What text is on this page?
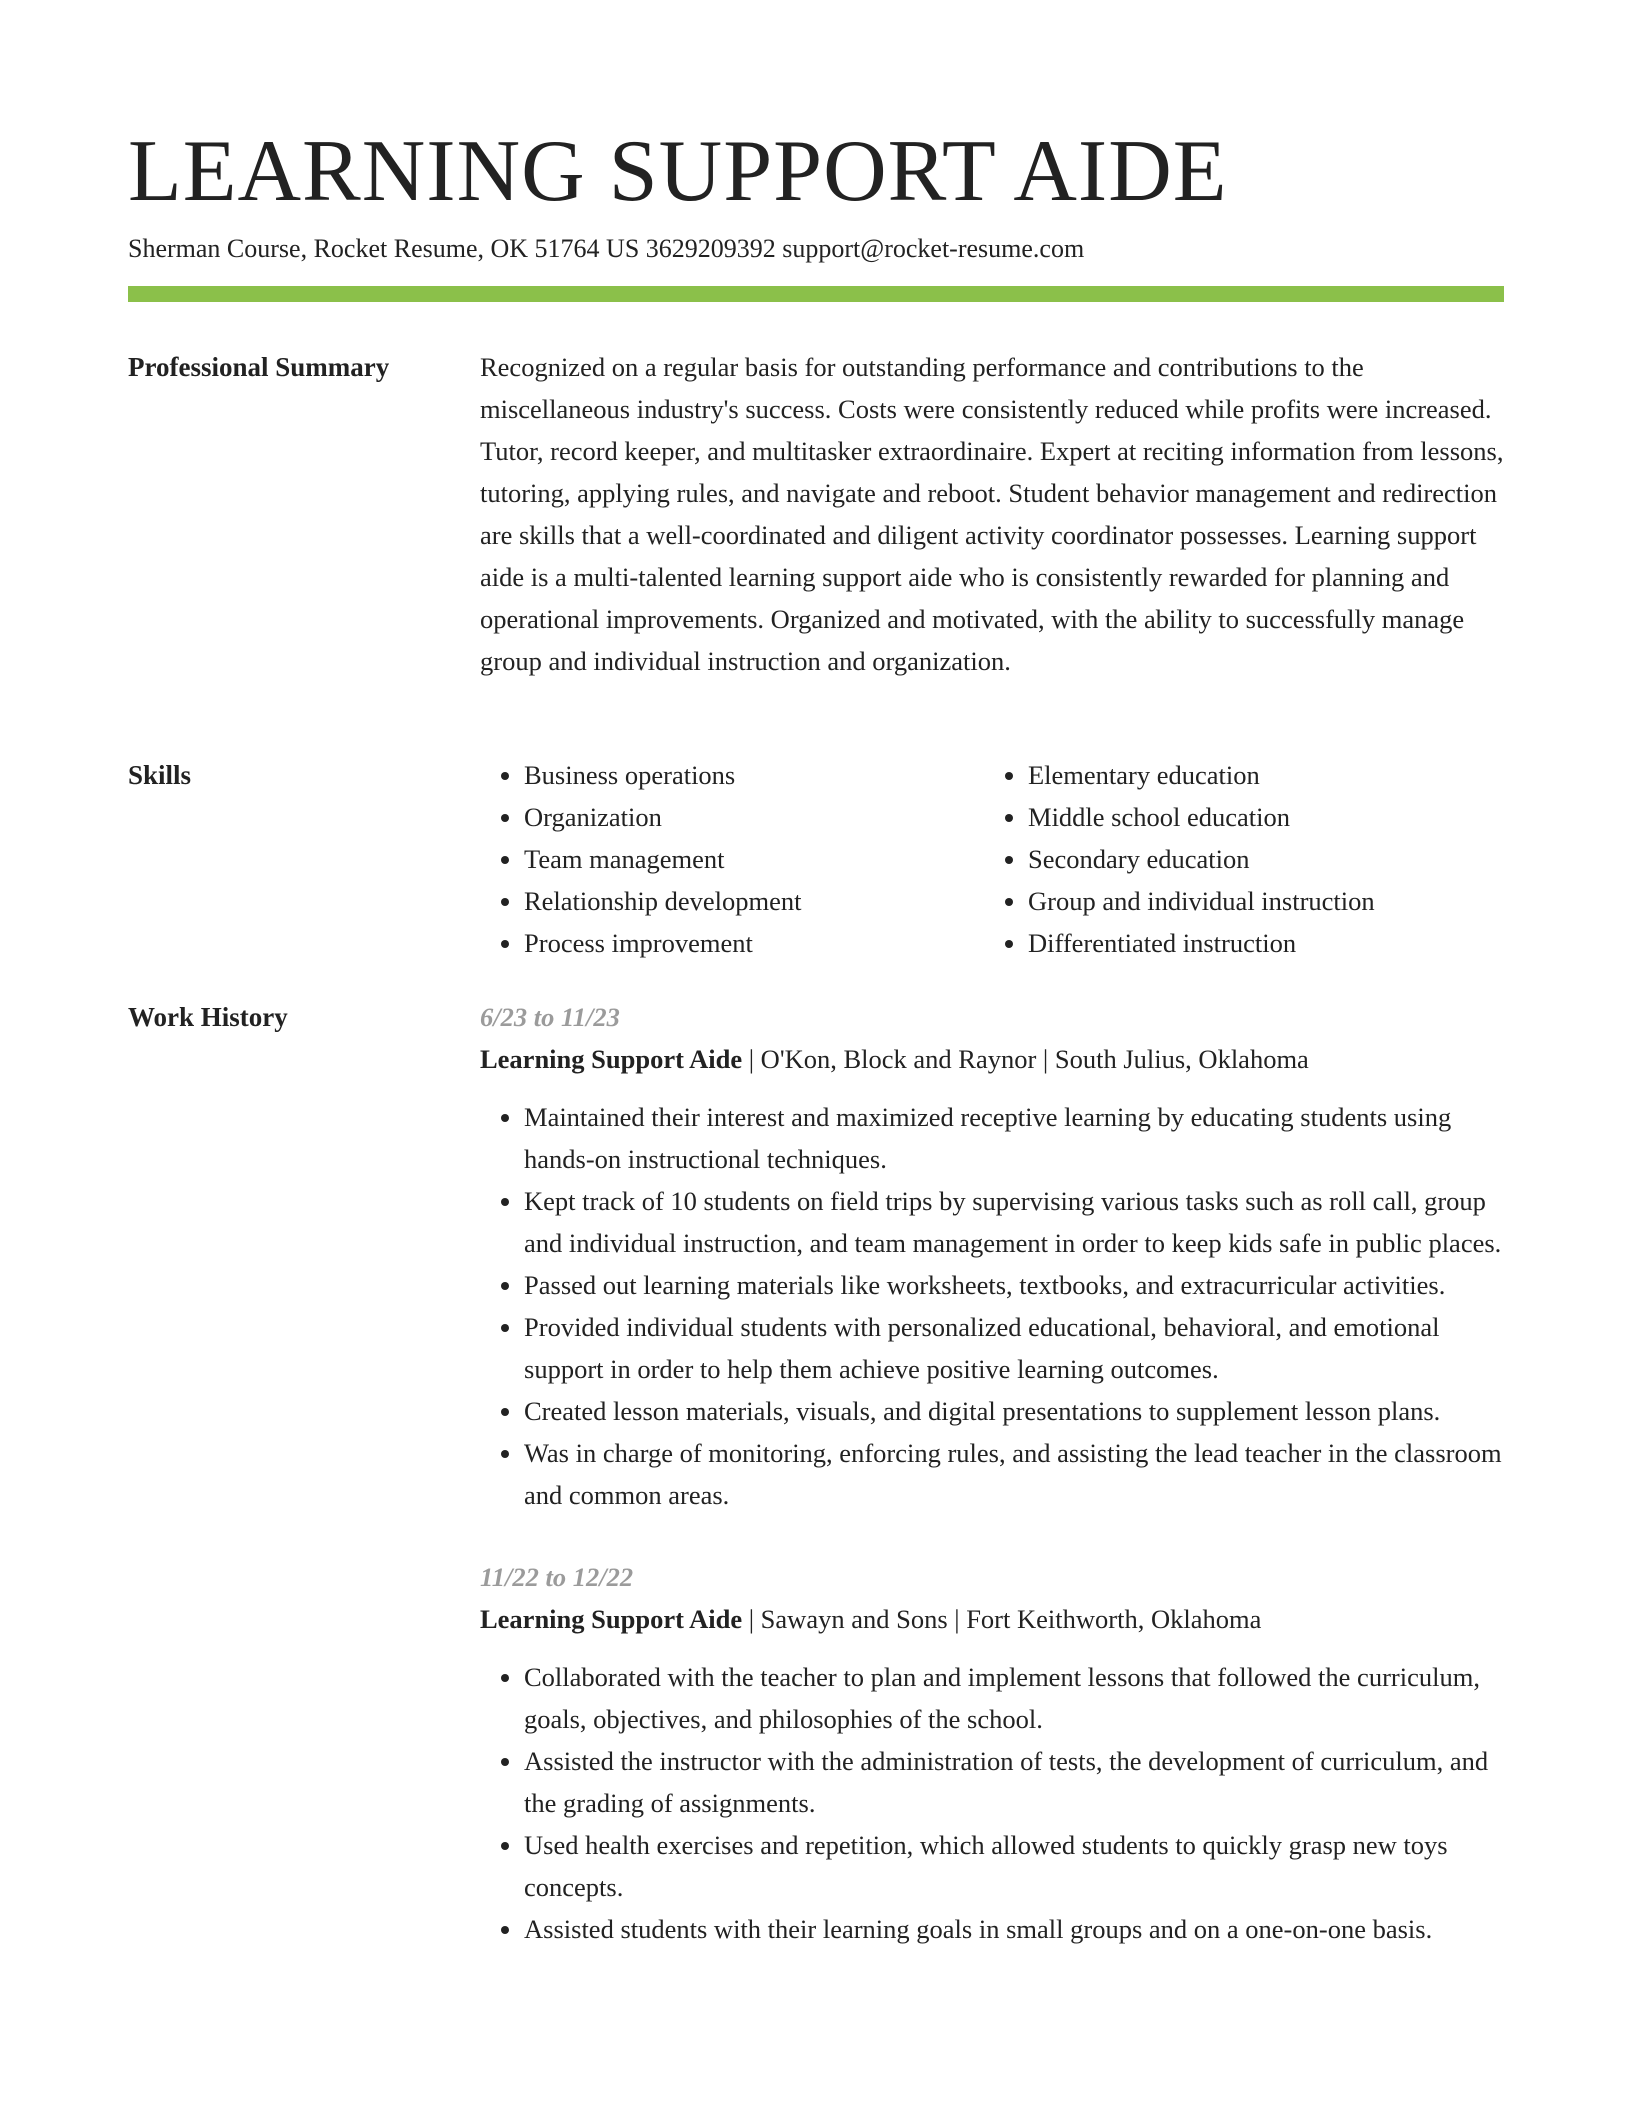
LEARNING SUPPORT AIDE
Sherman Course, Rocket Resume, OK 51764 US 3629209392 support@rocket-resume.com
Professional Summary	Recognized on a regular basis for outstanding performance and contributions to the miscellaneous industry's success. Costs were consistently reduced while profits were increased. Tutor, record keeper, and multitasker extraordinaire. Expert at reciting information from lessons, tutoring, applying rules, and navigate and reboot. Student behavior management and redirection are skills that a well-coordinated and diligent activity coordinator possesses. Learning support aide is a multi-talented learning support aide who is consistently rewarded for planning and operational improvements. Organized and motivated, with the ability to successfully manage group and individual instruction and organization.

Skills
•	Business operations
• Organization
• Team management
• Relationship development
• Process improvement
• Elementary education
• Middle school education
• Secondary education
• Group and individual instruction
• Differentiated instruction
Work History	6/23 to 11/23
Learning Support Aide | O'Kon, Block and Raynor | South Julius, Oklahoma
• Maintained their interest and maximized receptive learning by educating students using hands-on instructional techniques.
• Kept track of 10 students on field trips by supervising various tasks such as roll call, group and individual instruction, and team management in order to keep kids safe in public places.
• Passed out learning materials like worksheets, textbooks, and extracurricular activities.
• Provided individual students with personalized educational, behavioral, and emotional support in order to help them achieve positive learning outcomes.
• Created lesson materials, visuals, and digital presentations to supplement lesson plans.
• Was in charge of monitoring, enforcing rules, and assisting the lead teacher in the classroom and common areas.
11/22 to 12/22
Learning Support Aide | Sawayn and Sons | Fort Keithworth, Oklahoma
• Collaborated with the teacher to plan and implement lessons that followed the curriculum, goals, objectives, and philosophies of the school.
• Assisted the instructor with the administration of tests, the development of curriculum, and the grading of assignments.
• Used health exercises and repetition, which allowed students to quickly grasp new toys concepts.
• Assisted students with their learning goals in small groups and on a one-on-one basis.
